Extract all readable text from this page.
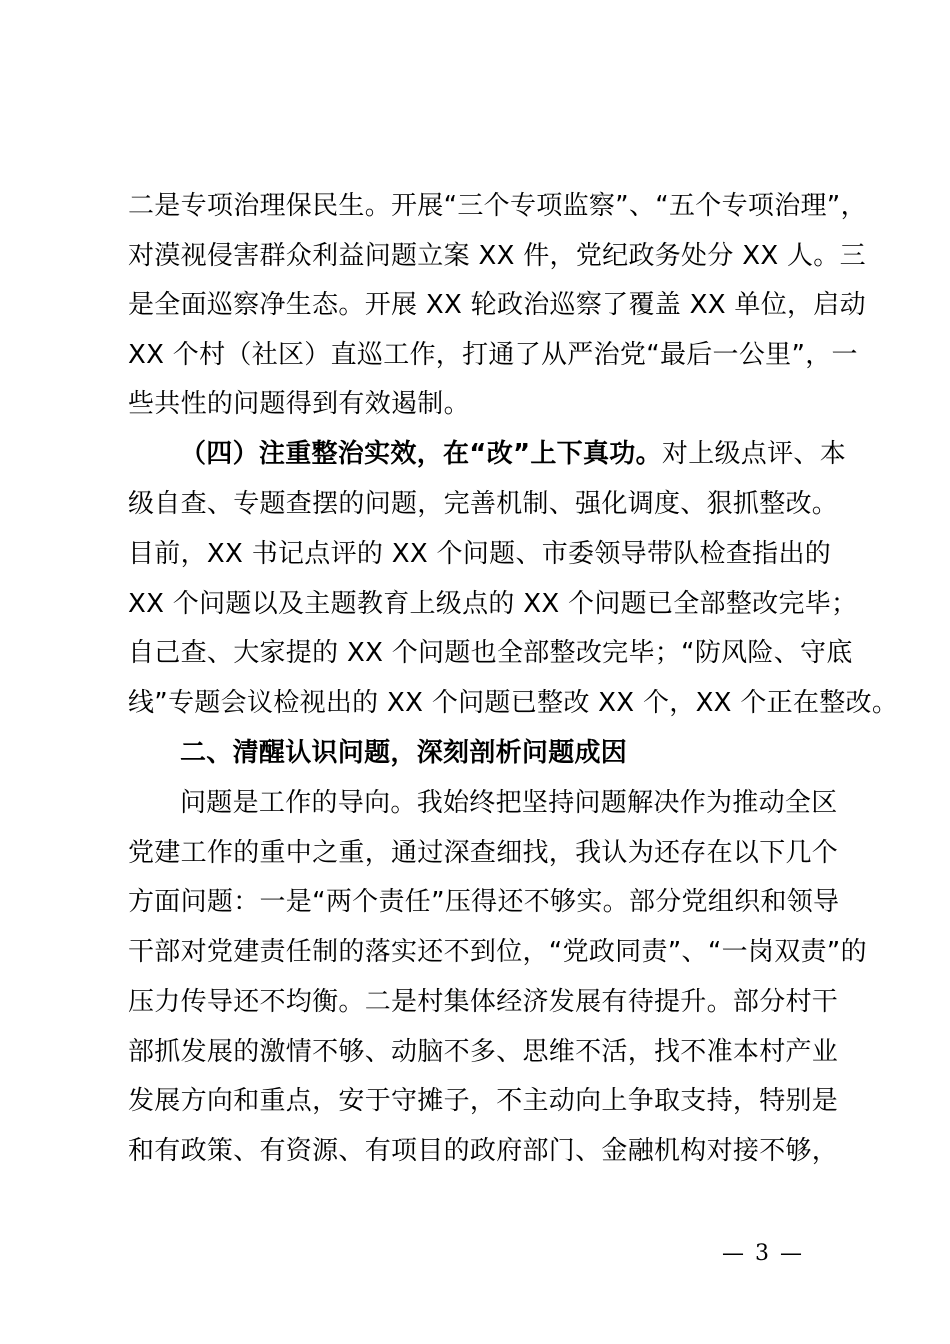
二是专项治理保民生。开展“三个专项监察”、“五个专项治理”，
对漠视侵害群众利益问题立案 XX 件，党纪政务处分 XX 人。三
是全面巡察净生态。开展 XX 轮政治巡察了覆盖 XX 单位，启动
XX 个村（社区）直巡工作，打通了从严治党“最后一公里”，一
些共性的问题得到有效遏制。
（四）注重整治实效，在“改”上下真功。对上级点评、本
级自查、专题查摆的问题，完善机制、强化调度、狠抓整改。
目前，XX 书记点评的 XX 个问题、市委领导带队检查指出的
XX 个问题以及主题教育上级点的 XX 个问题已全部整改完毕；
自己查、大家提的 XX 个问题也全部整改完毕；“防风险、守底
线”专题会议检视出的 XX 个问题已整改 XX 个，XX 个正在整改。
二、清醒认识问题，深刻剖析问题成因
问题是工作的导向。我始终把坚持问题解决作为推动全区
党建工作的重中之重，通过深查细找，我认为还存在以下几个
方面问题：一是“两个责任”压得还不够实。部分党组织和领导
干部对党建责任制的落实还不到位，“党政同责”、“一岗双责”的
压力传导还不均衡。二是村集体经济发展有待提升。部分村干
部抓发展的激情不够、动脑不多、思维不活，找不准本村产业
发展方向和重点，安于守摊子，不主动向上争取支持，特别是
和有政策、有资源、有项目的政府部门、金融机构对接不够，
— 3 —
